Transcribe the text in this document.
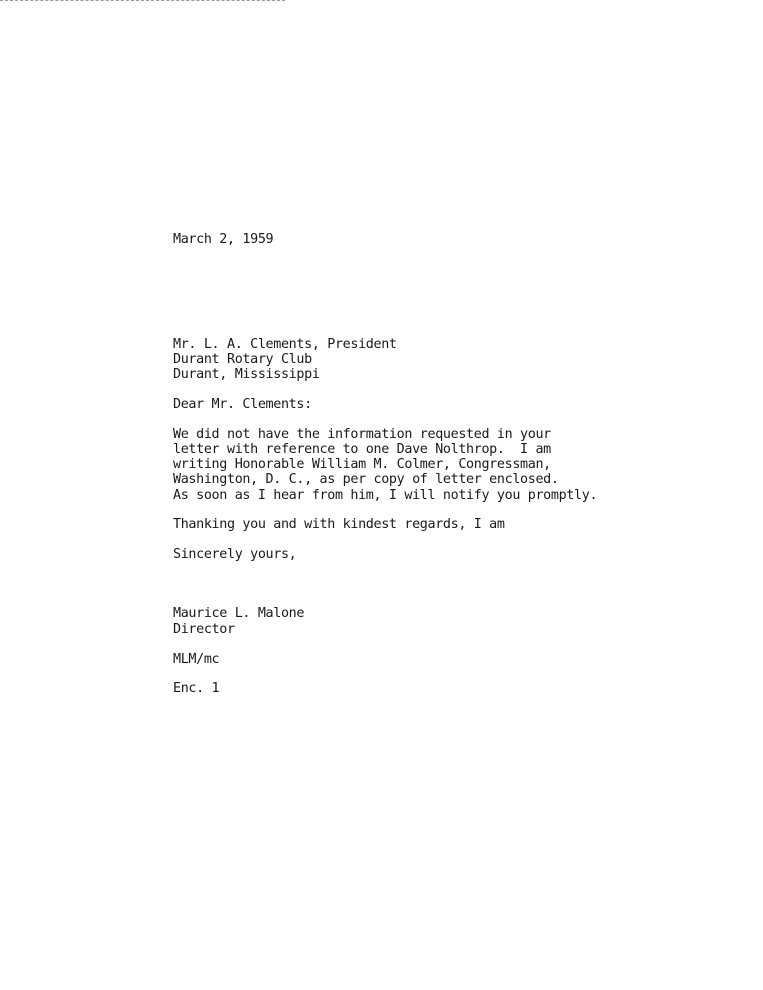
March 2, 1959
Mr. L. A. Clements, President
Durant Rotary Club
Durant, Mississippi
Dear Mr. Clements:
We did not have the information requested in your
letter with reference to one Dave Nolthrop.  I am
writing Honorable William M. Colmer, Congressman,
Washington, D. C., as per copy of letter enclosed.
As soon as I hear from him, I will notify you promptly.
Thanking you and with kindest regards, I am
Sincerely yours,
Maurice L. Malone
Director
MLM/mc
Enc. 1
